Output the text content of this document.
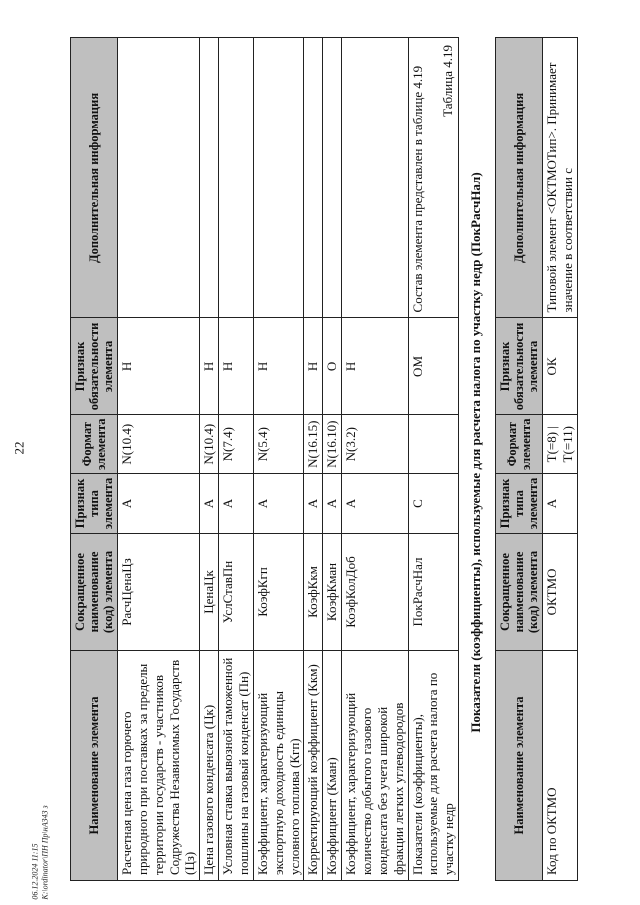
22
06.12.2024 11:15 К:\ordinator\ПН Пр\нАЗ43 з
Наименование элемента	Сокращенное наименование (код) элемента	Признак типа элемента	Формат элемента	Признак обязательности элемента	Дополнительная информация
Расчетная цена газа горючего природного при поставках за пределы территории государств - участников Содружества Независимых Государств (Цз)	РасчЦенаЦз	А	N(10.4)	Н	
Цена газового конденсата (Цк)	ЦенаЦк	А	N(10.4)	Н	
Условная ставка вывозной таможенной пошлины на газовый конденсат (Пн)	УслСтавПн	А	N(7.4)	Н	
Коэффициент, характеризующий экспортную доходность единицы условного топлива (Кгп)	КоэфКгп	А	N(5.4)	Н	
Корректирующий коэффициент (Ккм)	КоэфКкм	А	N(16.15)	Н	
Коэффициент (Кман)	КоэфКман	А	N(16.10)	О	
Коэффициент, характеризующий количество добытого газового конденсата без учета широкой фракции легких углеводородов	КоэфКолДоб	А	N(3.2)	Н	
Показатели (коэффициенты), используемые для расчета налога по участку недр	ПокРасчНал	С		ОМ	Состав элемента представлен в таблице 4.19 Таблица 4.19
Показатели (коэффициенты), используемые для расчета налога по участку недр (ПокРасчНал)
Наименование элемента	Сокращенное наименование (код) элемента	Признак типа элемента	Формат элемента	Признак обязательности элемента	Дополнительная информация
Код по ОКТМО	ОКТМО	А	T(=8) | T(=11)	ОК	Типовой элемент <ОКТМОТип>. Принимает значение в соответствии с
